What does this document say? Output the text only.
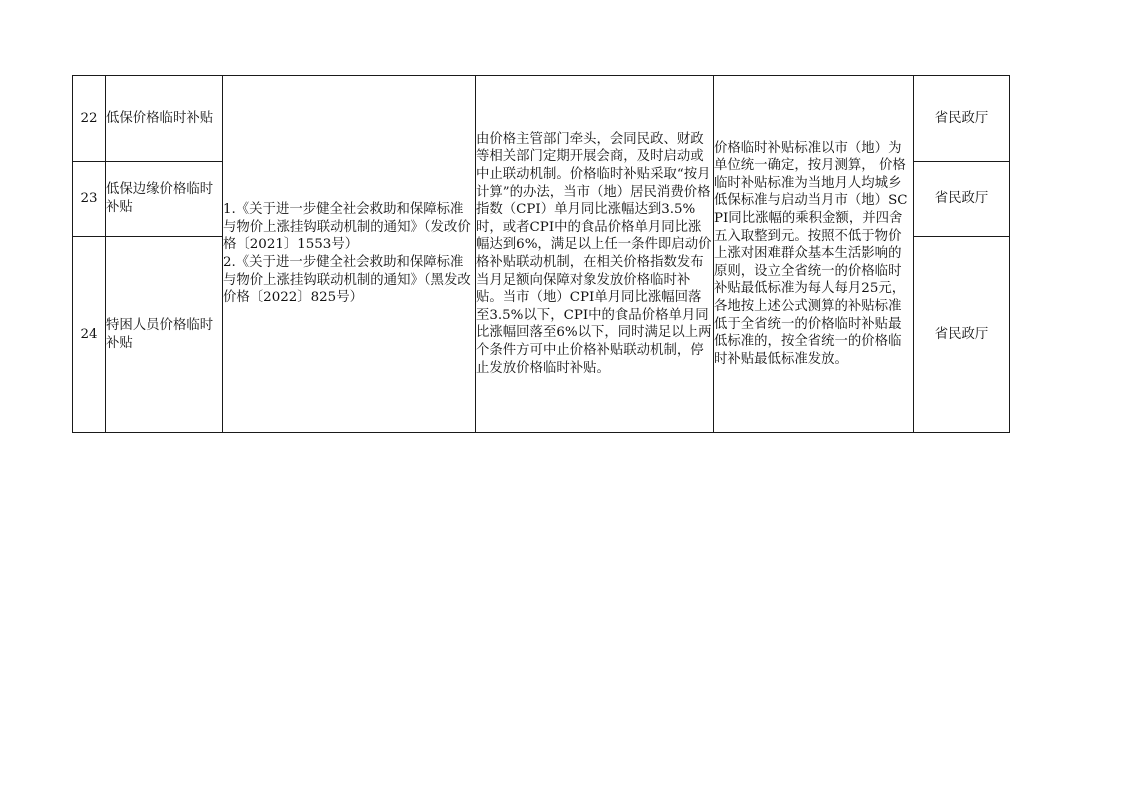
22	低保价格临时补贴	1.《关于进一步健全社会救助和保障标准与物价上涨挂钩联动机制的通知》（发改价格〔2021〕1553号）
2.《关于进一步健全社会救助和保障标准与物价上涨挂钩联动机制的通知》（黑发改价格〔2022〕825号）	由价格主管部门牵头，会同民政、财政等相关部门定期开展会商，及时启动或中止联动机制。价格临时补贴采取“按月计算”的办法，当市（地）居民消费价格指数（CPI）单月同比涨幅达到3.5%时，或者CPI中的食品价格单月同比涨幅达到6%，满足以上任一条件即启动价格补贴联动机制，在相关价格指数发布当月足额向保障对象发放价格临时补贴。当市（地）CPI单月同比涨幅回落至3.5%以下，CPI中的食品价格单月同比涨幅回落至6%以下，同时满足以上两个条件方可中止价格补贴联动机制，停止发放价格临时补贴。	价格临时补贴标准以市（地）为单位统一确定，按月测算， 价格临时补贴标准为当地月人均城乡低保标准与启动当月市（地）SCPI同比涨幅的乘积金额，并四舍五入取整到元。按照不低于物价上涨对困难群众基本生活影响的原则，设立全省统一的价格临时补贴最低标准为每人每月25元，各地按上述公式测算的补贴标准低于全省统一的价格临时补贴最低标准的，按全省统一的价格临时补贴最低标准发放。	省民政厅
23	低保边缘价格临时补贴				省民政厅
24	特困人员价格临时补贴				省民政厅
